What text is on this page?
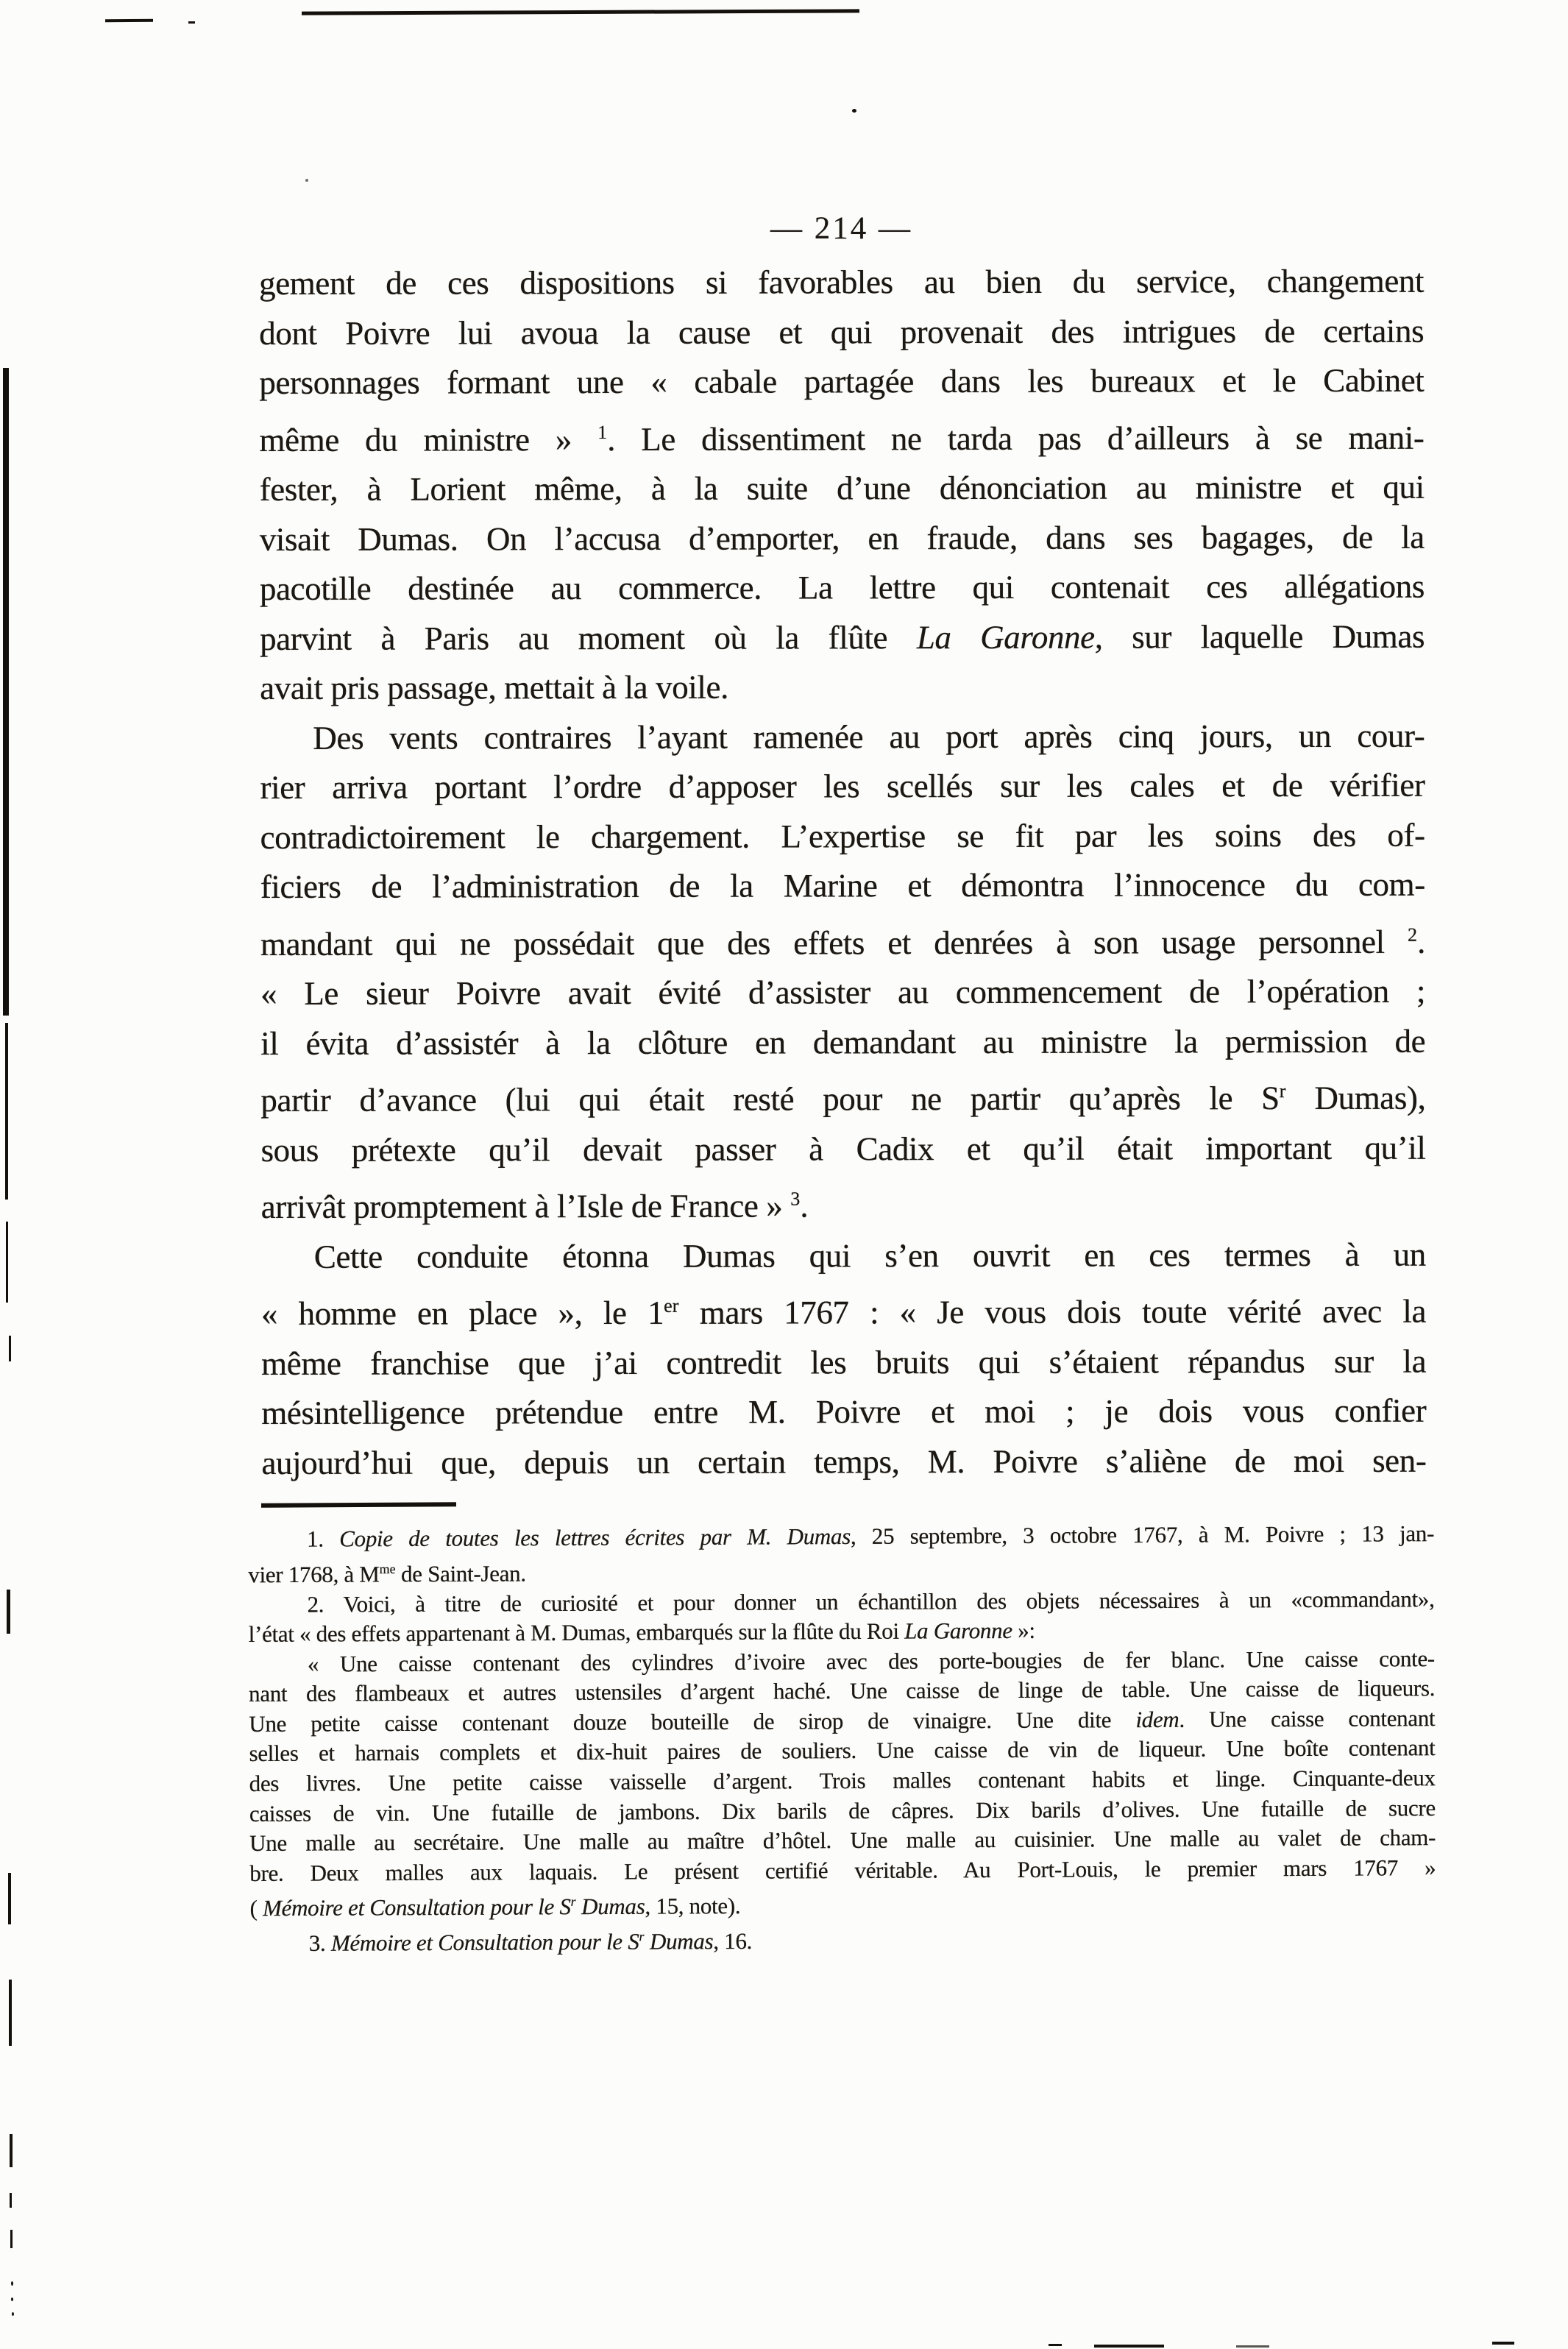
— 214 —
gement de ces dispositions si favorables au bien du service, changement
dont Poivre lui avoua la cause et qui provenait des intrigues de certains
personnages formant une « cabale partagée dans les bureaux et le Cabinet
même du ministre » $^1$. Le dissentiment ne tarda pas d’ailleurs à se mani-
fester, à Lorient même, à la suite d’une dénonciation au ministre et qui
visait Dumas. On l’accusa d’emporter, en fraude, dans ses bagages, de la
pacotille destinée au commerce. La lettre qui contenait ces allégations
parvint à Paris au moment où la flûte La Garonne, sur laquelle Dumas
avait pris passage, mettait à la voile.
Des vents contraires l’ayant ramenée au port après cinq jours, un cour-
rier arriva portant l’ordre d’apposer les scellés sur les cales et de vérifier
contradictoirement le chargement. L’expertise se fit par les soins des of-
ficiers de l’administration de la Marine et démontra l’innocence du com-
mandant qui ne possédait que des effets et denrées à son usage personnel $^2$.
« Le sieur Poivre avait évité d’assister au commencement de l’opération ;
il évita d’assistér à la clôture en demandant au ministre la permission de
partir d’avance (lui qui était resté pour ne partir qu’après le $S^r$ Dumas),
sous prétexte qu’il devait passer à Cadix et qu’il était important qu’il
arrivât promptement à l’Isle de France » $^3$.
Cette conduite étonna Dumas qui s’en ouvrit en ces termes à un
« homme en place », le 1er mars 1767 : « Je vous dois toute vérité avec la
même franchise que j’ai contredit les bruits qui s’étaient répandus sur la
mésintelligence prétendue entre M. Poivre et moi ; je dois vous confier
aujourd’hui que, depuis un certain temps, M. Poivre s’aliène de moi sen-
1. Copie de toutes les lettres écrites par M. Dumas, 25 septembre, 3 octobre 1767, à M. Poivre ; 13 jan-
vier 1768, à $M^{me}$ de Saint-Jean.
2. Voici, à titre de curiosité et pour donner un échantillon des objets nécessaires à un «commandant»,
l’état « des effets appartenant à M. Dumas, embarqués sur la flûte du Roi La Garonne »:
« Une caisse contenant des cylindres d’ivoire avec des porte-bougies de fer blanc. Une caisse conte-
nant des flambeaux et autres ustensiles d’argent haché. Une caisse de linge de table. Une caisse de liqueurs.
Une petite caisse contenant douze bouteille de sirop de vinaigre. Une dite idem. Une caisse contenant
selles et harnais complets et dix-huit paires de souliers. Une caisse de vin de liqueur. Une boîte contenant
des livres. Une petite caisse vaisselle d’argent. Trois malles contenant habits et linge. Cinquante-deux
caisses de vin. Une futaille de jambons. Dix barils de câpres. Dix barils d’olives. Une futaille de sucre
Une malle au secrétaire. Une malle au maître d’hôtel. Une malle au cuisinier. Une malle au valet de cham-
bre. Deux malles aux laquais. Le présent certifié véritable. Au Port-Louis, le premier mars 1767 »
( Mémoire et Consultation pour le $S^r$ Dumas, 15, note).
3. Mémoire et Consultation pour le $S^r$ Dumas, 16.
